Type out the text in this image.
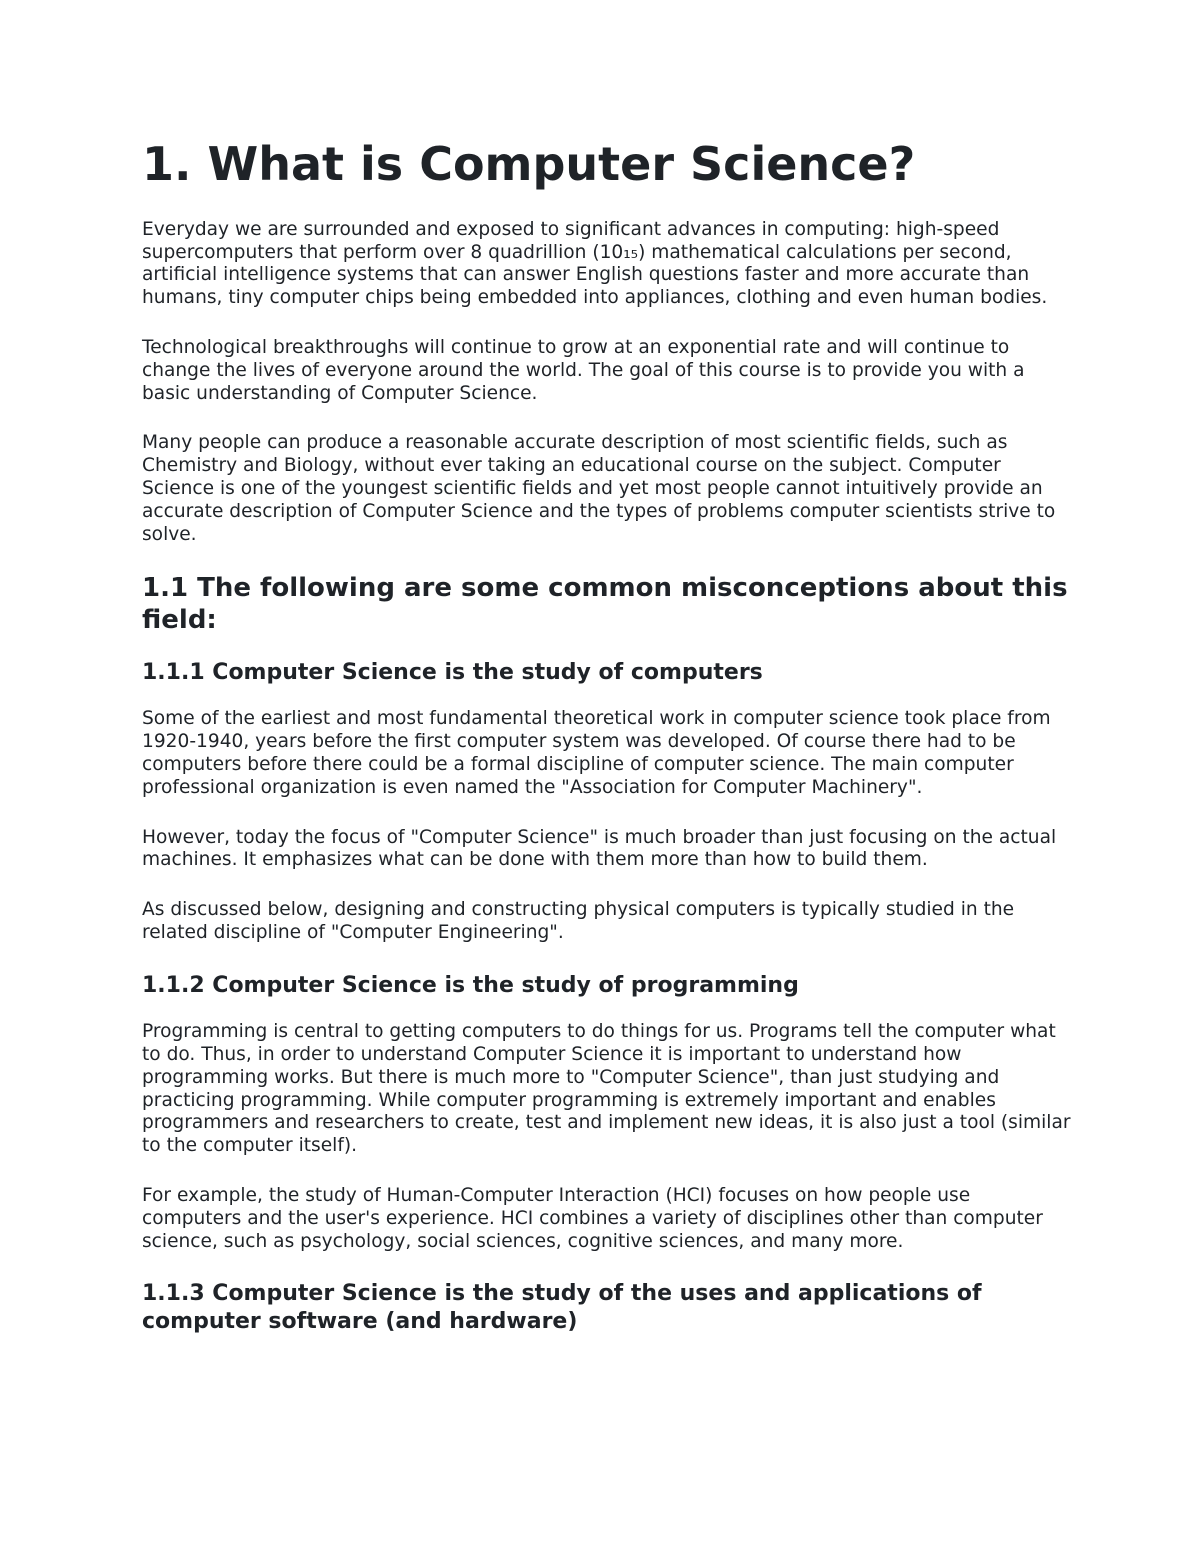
1. What is Computer Science?

Everyday we are surrounded and exposed to significant advances in computing: high-speed supercomputers that perform over 8 quadrillion (10₁₅) mathematical calculations per second, artificial intelligence systems that can answer English questions faster and more accurate than humans, tiny computer chips being embedded into appliances, clothing and even human bodies.

Technological breakthroughs will continue to grow at an exponential rate and will continue to change the lives of everyone around the world. The goal of this course is to provide you with a basic understanding of Computer Science.

Many people can produce a reasonable accurate description of most scientific fields, such as Chemistry and Biology, without ever taking an educational course on the subject. Computer Science is one of the youngest scientific fields and yet most people cannot intuitively provide an accurate description of Computer Science and the types of problems computer scientists strive to solve.

1.1 The following are some common misconceptions about this field:
1.1.1 Computer Science is the study of computers

Some of the earliest and most fundamental theoretical work in computer science took place from 1920-1940, years before the first computer system was developed. Of course there had to be computers before there could be a formal discipline of computer science. The main computer professional organization is even named the "Association for Computer Machinery".

However, today the focus of "Computer Science" is much broader than just focusing on the actual machines. It emphasizes what can be done with them more than how to build them.

As discussed below, designing and constructing physical computers is typically studied in the related discipline of "Computer Engineering".

1.1.2 Computer Science is the study of programming

Programming is central to getting computers to do things for us. Programs tell the computer what to do. Thus, in order to understand Computer Science it is important to understand how programming works. But there is much more to "Computer Science", than just studying and practicing programming. While computer programming is extremely important and enables programmers and researchers to create, test and implement new ideas, it is also just a tool (similar to the computer itself).

For example, the study of Human-Computer Interaction (HCI) focuses on how people use computers and the user's experience. HCI combines a variety of disciplines other than computer science, such as psychology, social sciences, cognitive sciences, and many more.

1.1.3 Computer Science is the study of the uses and applications of computer software (and hardware)
